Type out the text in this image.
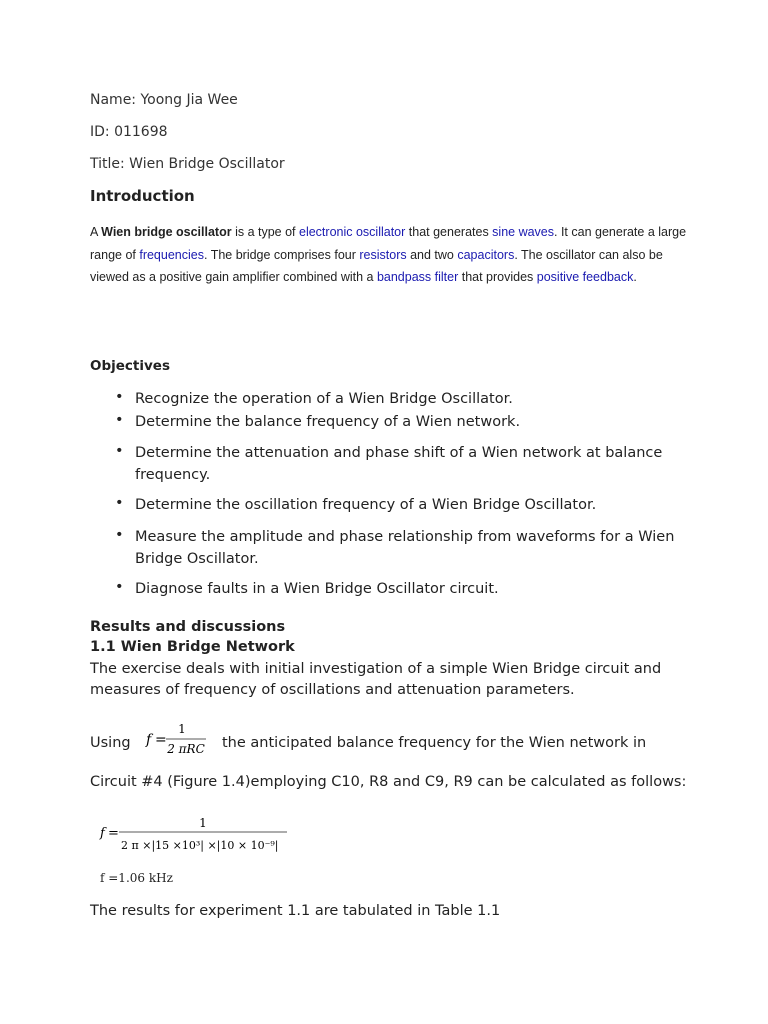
Name: Yoong Jia Wee
ID: 011698
Title: Wien Bridge Oscillator
Introduction
A Wien bridge oscillator is a type of electronic oscillator that generates sine waves. It can generate a large range of frequencies. The bridge comprises four resistors and two capacitors. The oscillator can also be viewed as a positive gain amplifier combined with a bandpass filter that provides positive feedback.
Objectives
• Recognize the operation of a Wien Bridge Oscillator.
• Determine the balance frequency of a Wien network.
• Determine the attenuation and phase shift of a Wien network at balance frequency.
• Determine the oscillation frequency of a Wien Bridge Oscillator.
• Measure the amplitude and phase relationship from waveforms for a Wien Bridge Oscillator.
• Diagnose faults in a Wien Bridge Oscillator circuit.
Results and discussions
1.1 Wien Bridge Network
The exercise deals with initial investigation of a simple Wien Bridge circuit and measures of frequency of oscillations and attenuation parameters.
Using f =
1
2 πRC the anticipated balance frequency for the Wien network in
Circuit #4 (Figure 1.4)employing C10, R8 and C9, R9 can be calculated as follows:
f =
1
2 π ×|15 ×10³| ×|10 × 10⁻⁹|
f =1.06 kHz
The results for experiment 1.1 are tabulated in Table 1.1
